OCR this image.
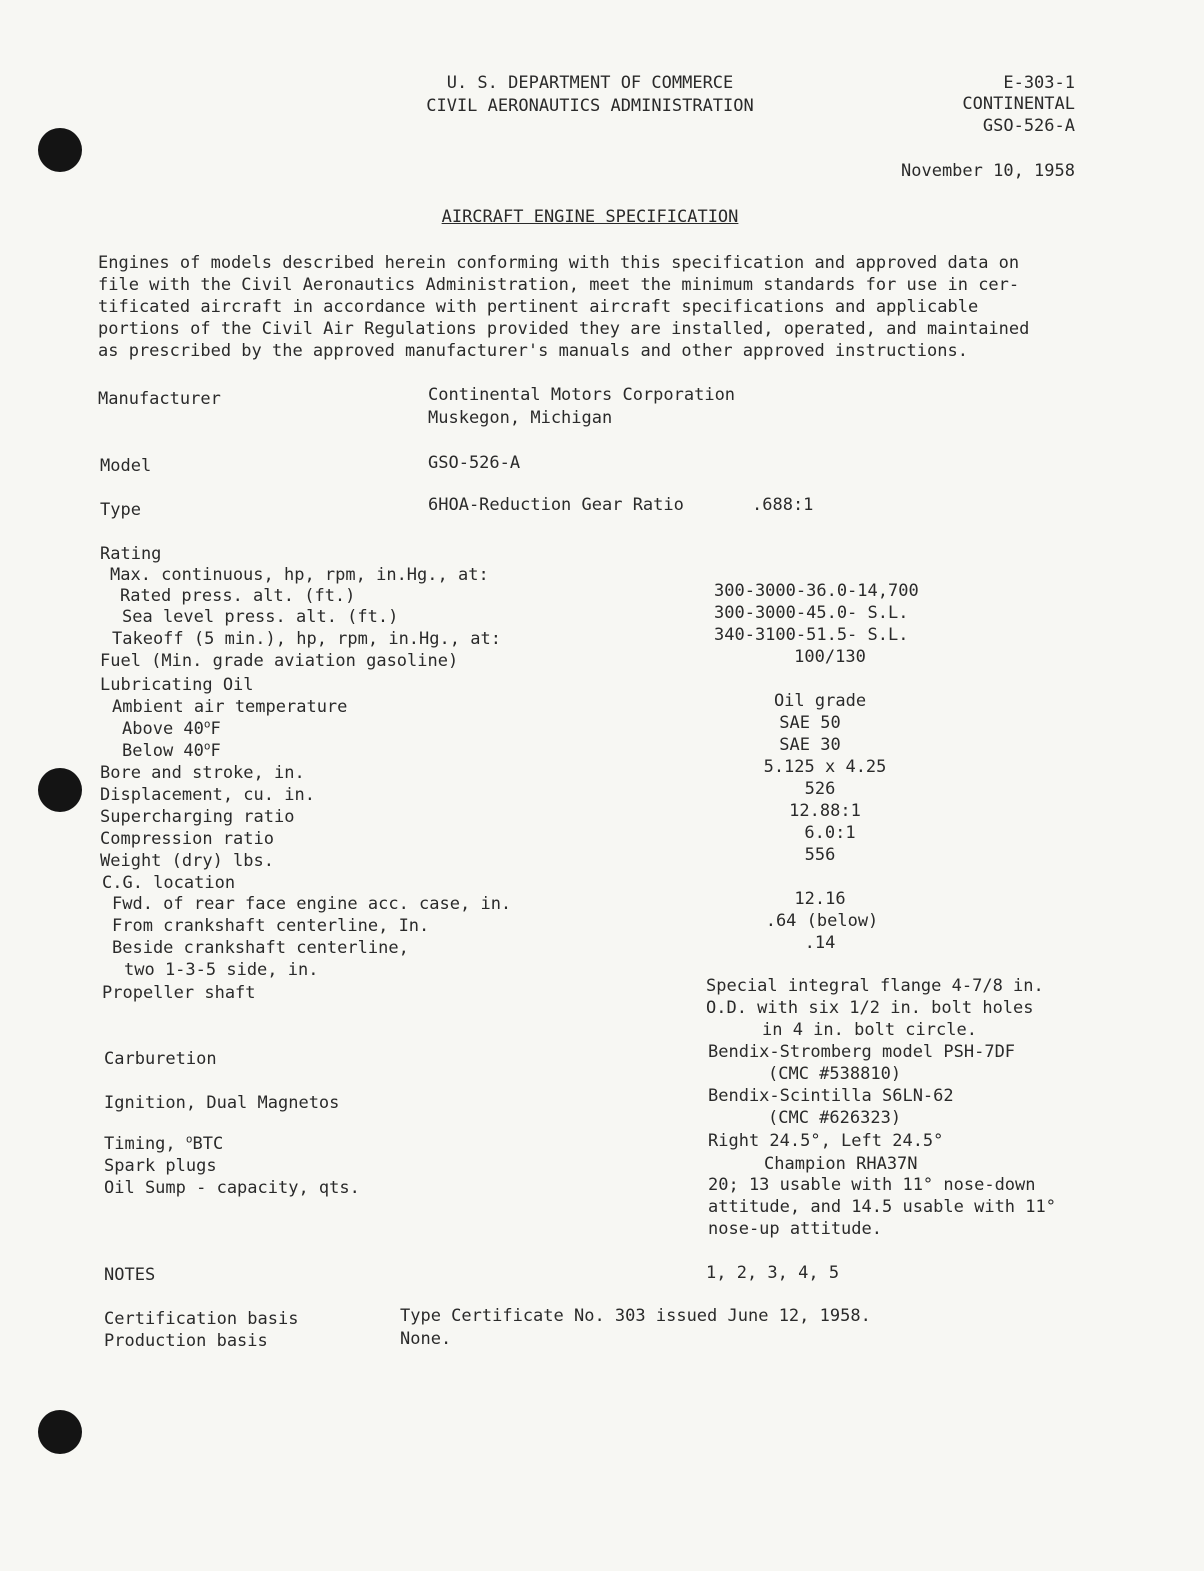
U. S. DEPARTMENT OF COMMERCE
CIVIL AERONAUTICS ADMINISTRATION
E-303-1
CONTINENTAL
GSO-526-A
November 10, 1958
AIRCRAFT ENGINE SPECIFICATION
Engines of models described herein conforming with this specification and approved data on
file with the Civil Aeronautics Administration, meet the minimum standards for use in cer-
tificated aircraft in accordance with pertinent aircraft specifications and applicable
portions of the Civil Air Regulations provided they are installed, operated, and maintained
as prescribed by the approved manufacturer's manuals and other approved instructions.
Manufacturer	Continental Motors Corporation
Muskegon, Michigan
Model	GSO-526-A
Type	6HOA-Reduction Gear Ratio	.688:1
Rating
Max. continuous, hp, rpm, in.Hg., at:
Rated press. alt. (ft.)	300-3000-36.0-14,700
Sea level press. alt. (ft.)	300-3000-45.0- S.L.
Takeoff (5 min.), hp, rpm, in.Hg., at:	340-3100-51.5- S.L.
Fuel (Min. grade aviation gasoline)	100/130
Lubricating Oil
Ambient air temperature	Oil grade
Above 40$^o$F	SAE 50
Below 40$^o$F	SAE 30
Bore and stroke, in.	5.125 x 4.25
Displacement, cu. in.	526
Supercharging ratio	12.88:1
Compression ratio	6.0:1
Weight (dry) lbs.	556
C.G. location
Fwd. of rear face engine acc. case, in.	12.16
From crankshaft centerline, In.	.64 (below)
Beside crankshaft centerline,	.14
two 1-3-5 side, in.
Propeller shaft	Special integral flange 4-7/8 in.
O.D. with six 1/2 in. bolt holes
in 4 in. bolt circle.
Carburetion	Bendix-Stromberg model PSH-7DF
(CMC #538810)
Ignition, Dual Magnetos	Bendix-Scintilla S6LN-62
(CMC #626323)
Timing, $^o$BTC	Right 24.5°, Left 24.5°
Spark plugs	Champion RHA37N
Oil Sump - capacity, qts.	20; 13 usable with 11° nose-down
attitude, and 14.5 usable with 11°
nose-up attitude.
NOTES	1, 2, 3, 4, 5
Certification basis	Type Certificate No. 303 issued June 12, 1958.
Production basis	None.
